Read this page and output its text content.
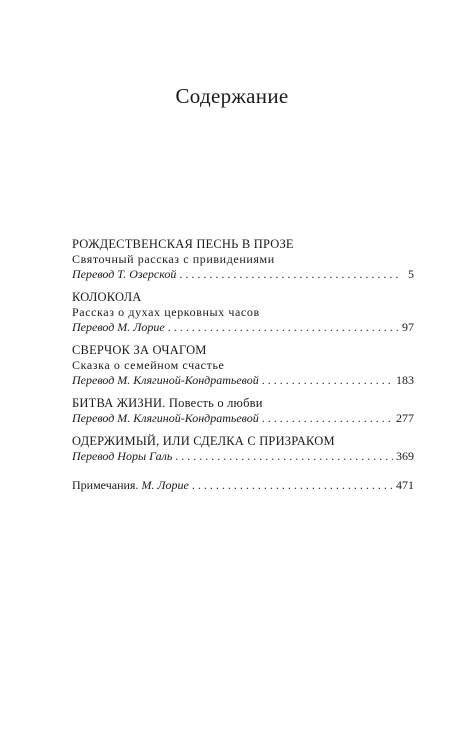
Содержание
РОЖДЕСТВЕНСКАЯ ПЕСНЬ В ПРОЗЕ
Святочный рассказ с привидениями
Перевод Т. Озерской . . .	5
КОЛОКОЛА
Рассказ о духах церковных часов
Перевод М. Лорие . . .	97
СВЕРЧОК ЗА ОЧАГОМ
Сказка о семейном счастье
Перевод М. Клягиной-Кондратьевой . . .	183
БИТВА ЖИЗНИ. Повесть о любви
Перевод М. Клягиной-Кондратьевой . . .	277
ОДЕРЖИМЫЙ, ИЛИ СДЕЛКА С ПРИЗРАКОМ
Перевод Норы Галь . . .	369
Примечания. М. Лорие . . .	471
